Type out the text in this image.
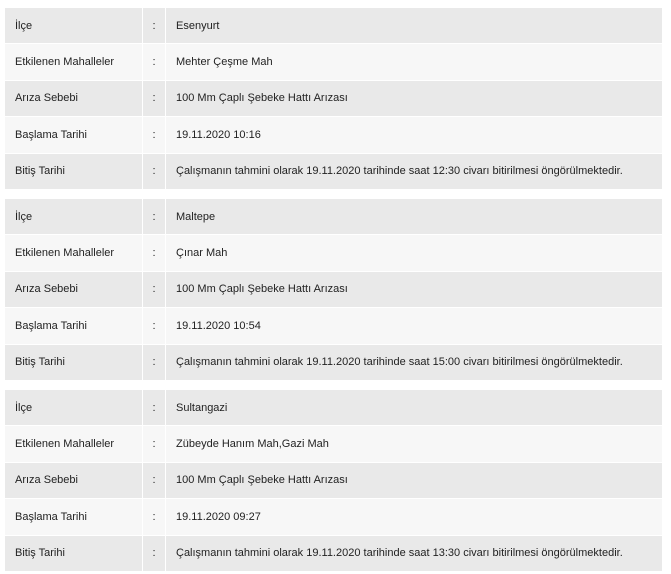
İlçe	:	Esenyurt
Etkilenen Mahalleler	:	Mehter Çeşme Mah
Arıza Sebebi	:	100 Mm Çaplı Şebeke Hattı Arızası
Başlama Tarihi	:	19.11.2020 10:16
Bitiş Tarihi	:	Çalışmanın tahmini olarak 19.11.2020 tarihinde saat 12:30 civarı bitirilmesi öngörülmektedir.
İlçe	:	Maltepe
Etkilenen Mahalleler	:	Çınar Mah
Arıza Sebebi	:	100 Mm Çaplı Şebeke Hattı Arızası
Başlama Tarihi	:	19.11.2020 10:54
Bitiş Tarihi	:	Çalışmanın tahmini olarak 19.11.2020 tarihinde saat 15:00 civarı bitirilmesi öngörülmektedir.
İlçe	:	Sultangazi
Etkilenen Mahalleler	:	Zübeyde Hanım Mah,Gazi Mah
Arıza Sebebi	:	100 Mm Çaplı Şebeke Hattı Arızası
Başlama Tarihi	:	19.11.2020 09:27
Bitiş Tarihi	:	Çalışmanın tahmini olarak 19.11.2020 tarihinde saat 13:30 civarı bitirilmesi öngörülmektedir.
